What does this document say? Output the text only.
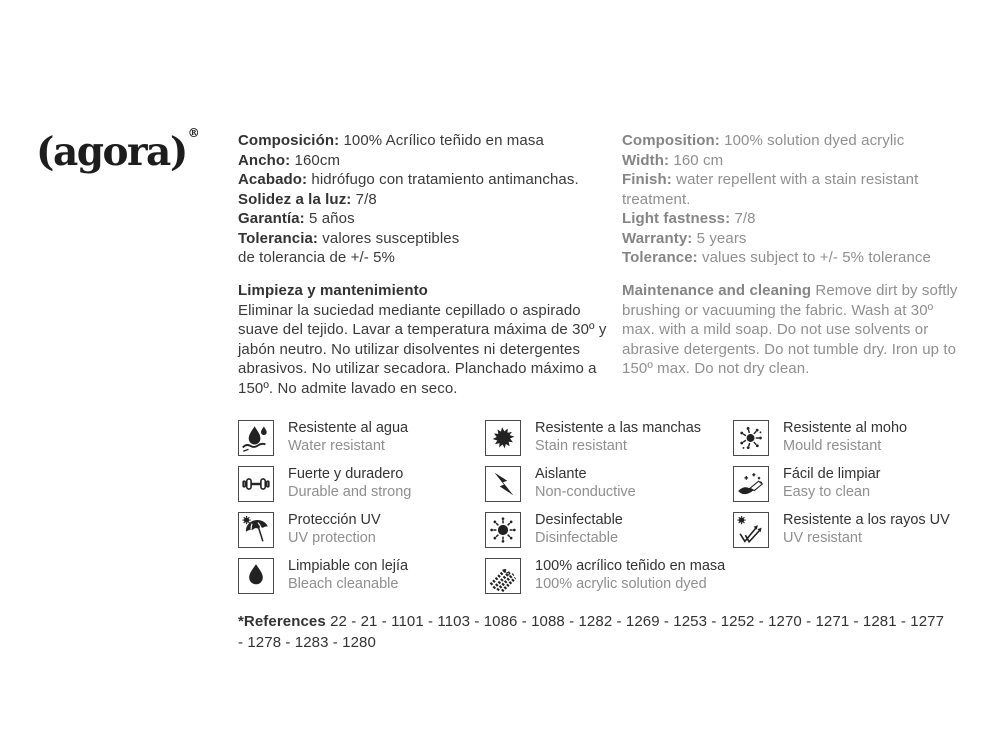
(agora)®	Composición: 100% Acrílico teñido en masa
Ancho: 160cm
Acabado: hidrófugo con tratamiento antimanchas.
Solidez a la luz: 7/8
Garantía: 5 años
Tolerancia: valores susceptibles
de tolerancia de +/- 5%
Composition: 100% solution dyed acrylic
Width: 160 cm
Finish: water repellent with a stain resistant treatment.
Light fastness: 7/8
Warranty: 5 years
Tolerance: values subject to +/- 5% tolerance
Limpieza y mantenimiento
Eliminar la suciedad mediante cepillado o aspirado suave del tejido. Lavar a temperatura máxima de 30º y jabón neutro. No utilizar disolventes ni detergentes abrasivos. No utilizar secadora. Planchado máximo a 150º. No admite lavado en seco.
Maintenance and cleaning Remove dirt by softly brushing or vacuuming the fabric. Wash at 30º max. with a mild soap. Do not use solvents or abrasive detergents. Do not tumble dry. Iron up to 150º max. Do not dry clean.
Resistente al agua
Water resistant
Fuerte y duradero
Durable and strong
Protección UV
UV protection
Limpiable con lejía
Bleach cleanable
Resistente a las manchas
Stain resistant
Aislante
Non-conductive
Desinfectable
Disinfectable
100% acrílico teñido en masa
100% acrylic solution dyed
Resistente al moho
Mould resistant
Fácil de limpiar
Easy to clean
Resistente a los rayos UV
UV resistant
*References 22 - 21 - 1101 - 1103 - 1086 - 1088 - 1282 - 1269 - 1253 - 1252 - 1270 - 1271 - 1281 - 1277 - 1278 - 1283 - 1280
